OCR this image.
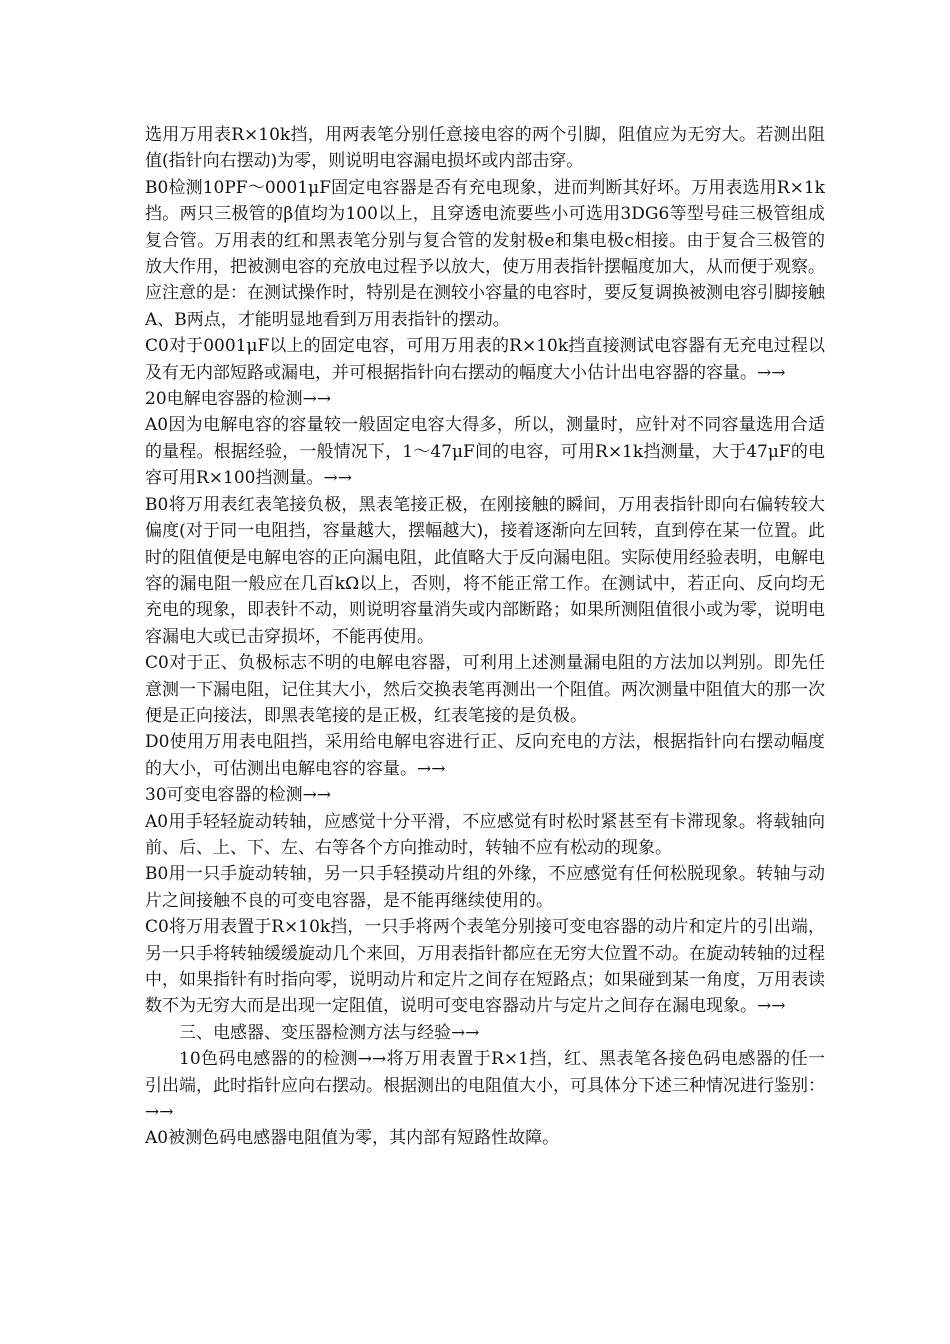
选用万用表R×10k挡，用两表笔分别任意接电容的两个引脚，阻值应为无穷大。若测出阻值(指针向右摆动)为零，则说明电容漏电损坏或内部击穿。

B0检测10PF～0001μF固定电容器是否有充电现象，进而判断其好坏。万用表选用R×1k挡。两只三极管的β值均为100以上，且穿透电流要些小可选用3DG6等型号硅三极管组成复合管。万用表的红和黑表笔分别与复合管的发射极e和集电极c相接。由于复合三极管的放大作用，把被测电容的充放电过程予以放大，使万用表指针摆幅度加大，从而便于观察。应注意的是：在测试操作时，特别是在测较小容量的电容时，要反复调换被测电容引脚接触A、B两点，才能明显地看到万用表指针的摆动。

C0对于0001μF以上的固定电容，可用万用表的R×10k挡直接测试电容器有无充电过程以及有无内部短路或漏电，并可根据指针向右摆动的幅度大小估计出电容器的容量。→→

20电解电容器的检测→→

A0因为电解电容的容量较一般固定电容大得多，所以，测量时，应针对不同容量选用合适的量程。根据经验，一般情况下，1～47μF间的电容，可用R×1k挡测量，大于47μF的电容可用R×100挡测量。→→

B0将万用表红表笔接负极，黑表笔接正极，在刚接触的瞬间，万用表指针即向右偏转较大偏度(对于同一电阻挡，容量越大，摆幅越大)，接着逐渐向左回转，直到停在某一位置。此时的阻值便是电解电容的正向漏电阻，此值略大于反向漏电阻。实际使用经验表明，电解电容的漏电阻一般应在几百kΩ以上，否则，将不能正常工作。在测试中，若正向、反向均无充电的现象，即表针不动，则说明容量消失或内部断路；如果所测阻值很小或为零，说明电容漏电大或已击穿损坏，不能再使用。

C0对于正、负极标志不明的电解电容器，可利用上述测量漏电阻的方法加以判别。即先任意测一下漏电阻，记住其大小，然后交换表笔再测出一个阻值。两次测量中阻值大的那一次便是正向接法，即黑表笔接的是正极，红表笔接的是负极。

D0使用万用表电阻挡，采用给电解电容进行正、反向充电的方法，根据指针向右摆动幅度的大小，可估测出电解电容的容量。→→

30可变电容器的检测→→

A0用手轻轻旋动转轴，应感觉十分平滑，不应感觉有时松时紧甚至有卡滞现象。将载轴向前、后、上、下、左、右等各个方向推动时，转轴不应有松动的现象。

B0用一只手旋动转轴，另一只手轻摸动片组的外缘，不应感觉有任何松脱现象。转轴与动片之间接触不良的可变电容器，是不能再继续使用的。

C0将万用表置于R×10k挡，一只手将两个表笔分别接可变电容器的动片和定片的引出端，另一只手将转轴缓缓旋动几个来回，万用表指针都应在无穷大位置不动。在旋动转轴的过程中，如果指针有时指向零，说明动片和定片之间存在短路点；如果碰到某一角度，万用表读数不为无穷大而是出现一定阻值，说明可变电容器动片与定片之间存在漏电现象。→→

三、电感器、变压器检测方法与经验→→

10色码电感器的的检测→→将万用表置于R×1挡，红、黑表笔各接色码电感器的任一引出端，此时指针应向右摆动。根据测出的电阻值大小，可具体分下述三种情况进行鉴别：→→

A0被测色码电感器电阻值为零，其内部有短路性故障。
